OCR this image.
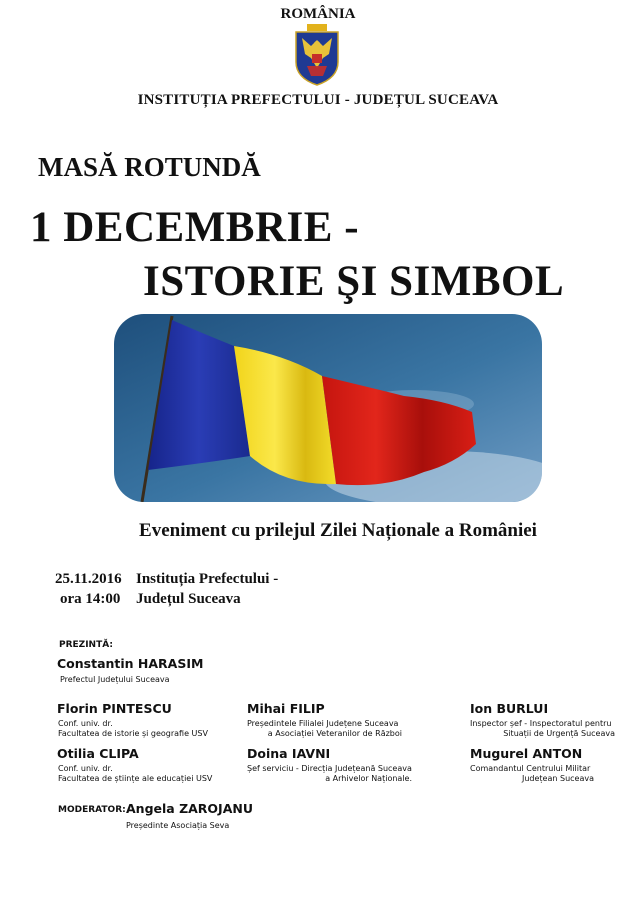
ROMÂNIA
INSTITUȚIA PREFECTULUI - JUDEȚUL SUCEAVA
MASĂ ROTUNDĂ
1 DECEMBRIE -
ISTORIE ŞI SIMBOL
Eveniment cu prilejul Zilei Naționale a României
25.11.2016
ora 14:00
Instituția Prefectului -
Județul Suceava
PREZINTĂ:
Constantin HARASIM
Prefectul Județului Suceava
Florin PINTESCU
Conf. univ. dr.
Facultatea de istorie și geografie USV
Mihai FILIP
Președintele Filialei Județene Suceava
a Asociației Veteranilor de Război
Ion BURLUI
Inspector șef - Inspectoratul pentru
Situații de Urgență Suceava
Otilia CLIPA
Conf. univ. dr.
Facultatea de științe ale educației USV
Doina IAVNI
Șef serviciu - Direcția Județeană Suceava
a Arhivelor Naționale.
Mugurel ANTON
Comandantul Centrului Militar
Județean Suceava
MODERATOR: Angela ZAROJANU
Președinte Asociația Seva
